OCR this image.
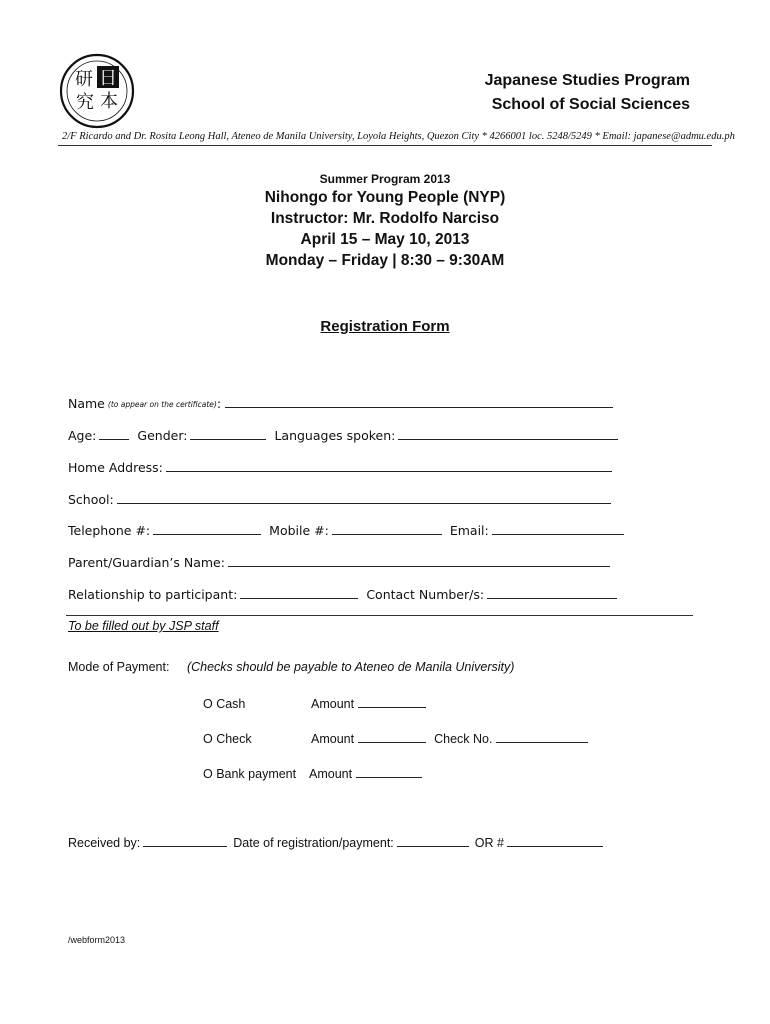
研 日
究 本
Japanese Studies Program
School of Social Sciences
2/F Ricardo and Dr. Rosita Leong Hall, Ateneo de Manila University, Loyola Heights, Quezon City * 4266001 loc. 5248/5249 * Email: japanese@admu.edu.ph
Summer Program 2013
Nihongo for Young People (NYP)
Instructor: Mr. Rodolfo Narciso
April 15 – May 10, 2013
Monday – Friday | 8:30 – 9:30AM
Registration Form
Name (to appear on the certificate) :
Age:	Gender:	Languages spoken:
Home Address:
School:
Telephone #:	Mobile #:	Email:
Parent/Guardian’s Name:
Relationship to participant:	Contact Number/s:
To be filled out by JSP staff
Mode of Payment: (Checks should be payable to Ateneo de Manila University)
O Cash	Amount
O Check	Amount	Check No.
O Bank payment	Amount
Received by:	Date of registration/payment:	OR #
/webform2013
